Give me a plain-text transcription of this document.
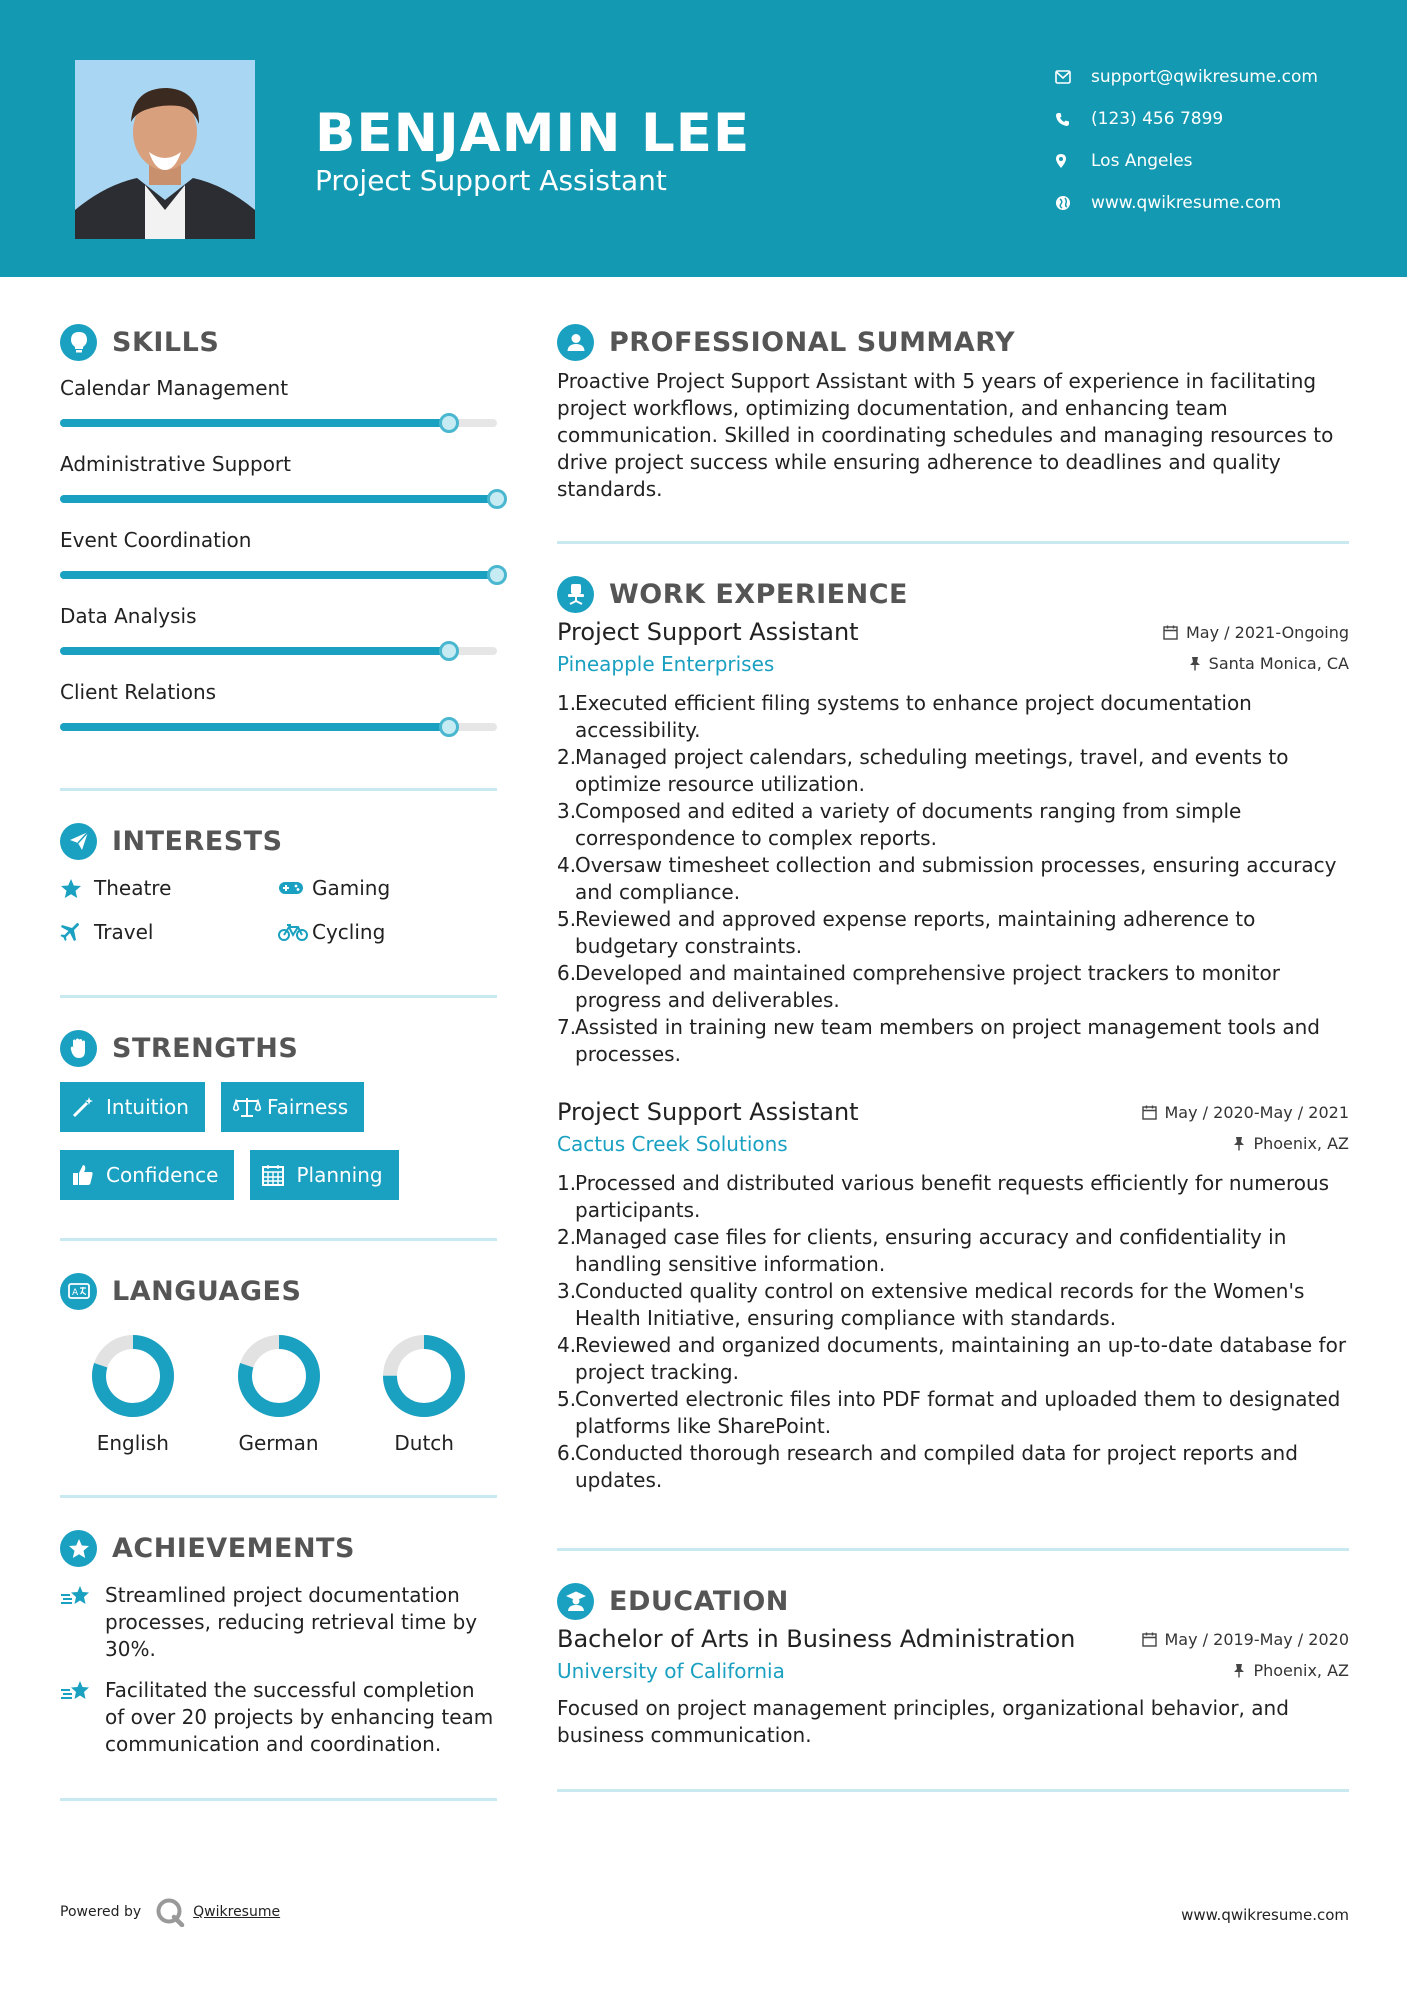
BENJAMIN LEE
Project Support Assistant
support@qwikresume.com
(123) 456 7899
Los Angeles
www.qwikresume.com
SKILLS
Calendar Management
Administrative Support
Event Coordination
Data Analysis
Client Relations
INTERESTS
Theatre	Gaming
Travel	Cycling
STRENGTHS
Intuition	Fairness
Confidence	Planning
A LANGUAGES
English	German	Dutch
ACHIEVEMENTS
Streamlined project documentation processes, reducing retrieval time by 30%.
Facilitated the successful completion of over 20 projects by enhancing team communication and coordination.
PROFESSIONAL SUMMARY

Proactive Project Support Assistant with 5 years of experience in facilitating project workflows, optimizing documentation, and enhancing team communication. Skilled in coordinating schedules and managing resources to drive project success while ensuring adherence to deadlines and quality standards.

WORK EXPERIENCE
Project Support Assistant	May / 2021-Ongoing
Pineapple Enterprises	Santa Monica, CA
1.
Executed efficient filing systems to enhance project documentation accessibility.
2.
Managed project calendars, scheduling meetings, travel, and events to optimize resource utilization.
3.
Composed and edited a variety of documents ranging from simple correspondence to complex reports.
4.
Oversaw timesheet collection and submission processes, ensuring accuracy and compliance.
5.
Reviewed and approved expense reports, maintaining adherence to budgetary constraints.
6.
Developed and maintained comprehensive project trackers to monitor progress and deliverables.
7.
Assisted in training new team members on project management tools and processes.
Project Support Assistant	May / 2020-May / 2021
Cactus Creek Solutions	Phoenix, AZ
1.
Processed and distributed various benefit requests efficiently for numerous participants.
2.
Managed case files for clients, ensuring accuracy and confidentiality in handling sensitive information.
3.
Conducted quality control on extensive medical records for the Women's Health Initiative, ensuring compliance with standards.
4.
Reviewed and organized documents, maintaining an up-to-date database for project tracking.
5.
Converted electronic files into PDF format and uploaded them to designated platforms like SharePoint.
6.
Conducted thorough research and compiled data for project reports and updates.
EDUCATION
Bachelor of Arts in Business Administration	May / 2019-May / 2020
University of California	Phoenix, AZ

Focused on project management principles, organizational behavior, and business communication.

Powered by	Qwikresume	www.qwikresume.com
